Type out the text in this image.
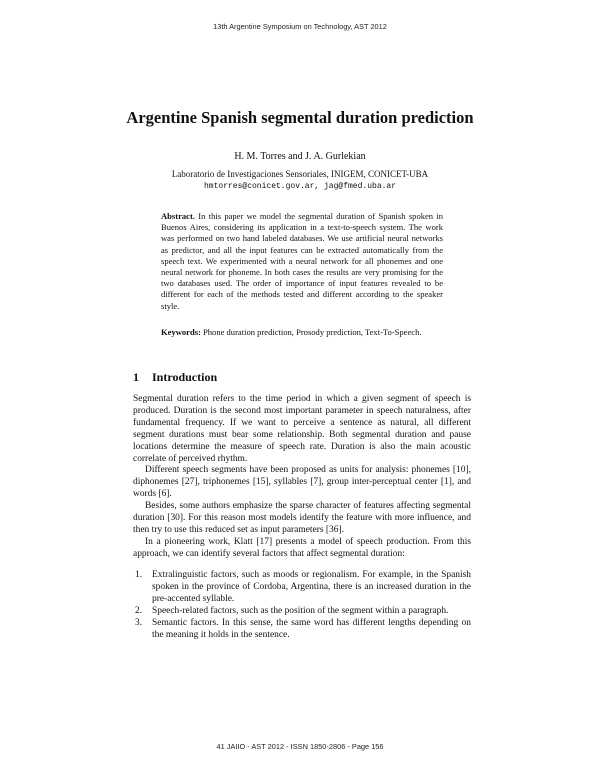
13th Argentine Symposium on Technology, AST 2012
Argentine Spanish segmental duration prediction
H. M. Torres and J. A. Gurlekian
Laboratorio de Investigaciones Sensoriales, INIGEM, CONICET-UBA
hmtorres@conicet.gov.ar, jag@fmed.uba.ar
Abstract. In this paper we model the segmental duration of Spanish spoken in Buenos Aires, considering its application in a text-to-speech system. The work was performed on two hand labeled databases. We use artificial neural networks as predictor, and all the input features can be extracted automatically from the speech text. We experimented with a neural network for all phonemes and one neural network for phoneme. In both cases the results are very promising for the two databases used. The order of importance of input features revealed to be different for each of the methods tested and different according to the speaker style.
Keywords: Phone duration prediction, Prosody prediction, Text-To-Speech.
1 Introduction

Segmental duration refers to the time period in which a given segment of speech is produced. Duration is the second most important parameter in speech naturalness, after fundamental frequency. If we want to perceive a sentence as natural, all different segment durations must bear some relationship. Both segmental duration and pause locations determine the measure of speech rate. Duration is also the main acoustic correlate of perceived rhythm.

Different speech segments have been proposed as units for analysis: phonemes [10], diphonemes [27], triphonemes [15], syllables [7], group inter-perceptual center [1], and words [6].

Besides, some authors emphasize the sparse character of features affecting segmental duration [30]. For this reason most models identify the feature with more influence, and then try to use this reduced set as input parameters [36].

In a pioneering work, Klatt [17] presents a model of speech production. From this approach, we can identify several factors that affect segmental duration:

1. Extralinguistic factors, such as moods or regionalism. For example, in the Spanish spoken in the province of Cordoba, Argentina, there is an increased duration in the pre-accented syllable.
2. Speech-related factors, such as the position of the segment within a paragraph.
3. Semantic factors. In this sense, the same word has different lengths depending on the meaning it holds in the sentence.
41 JAIIO - AST 2012 - ISSN 1850-2806 - Page 156
